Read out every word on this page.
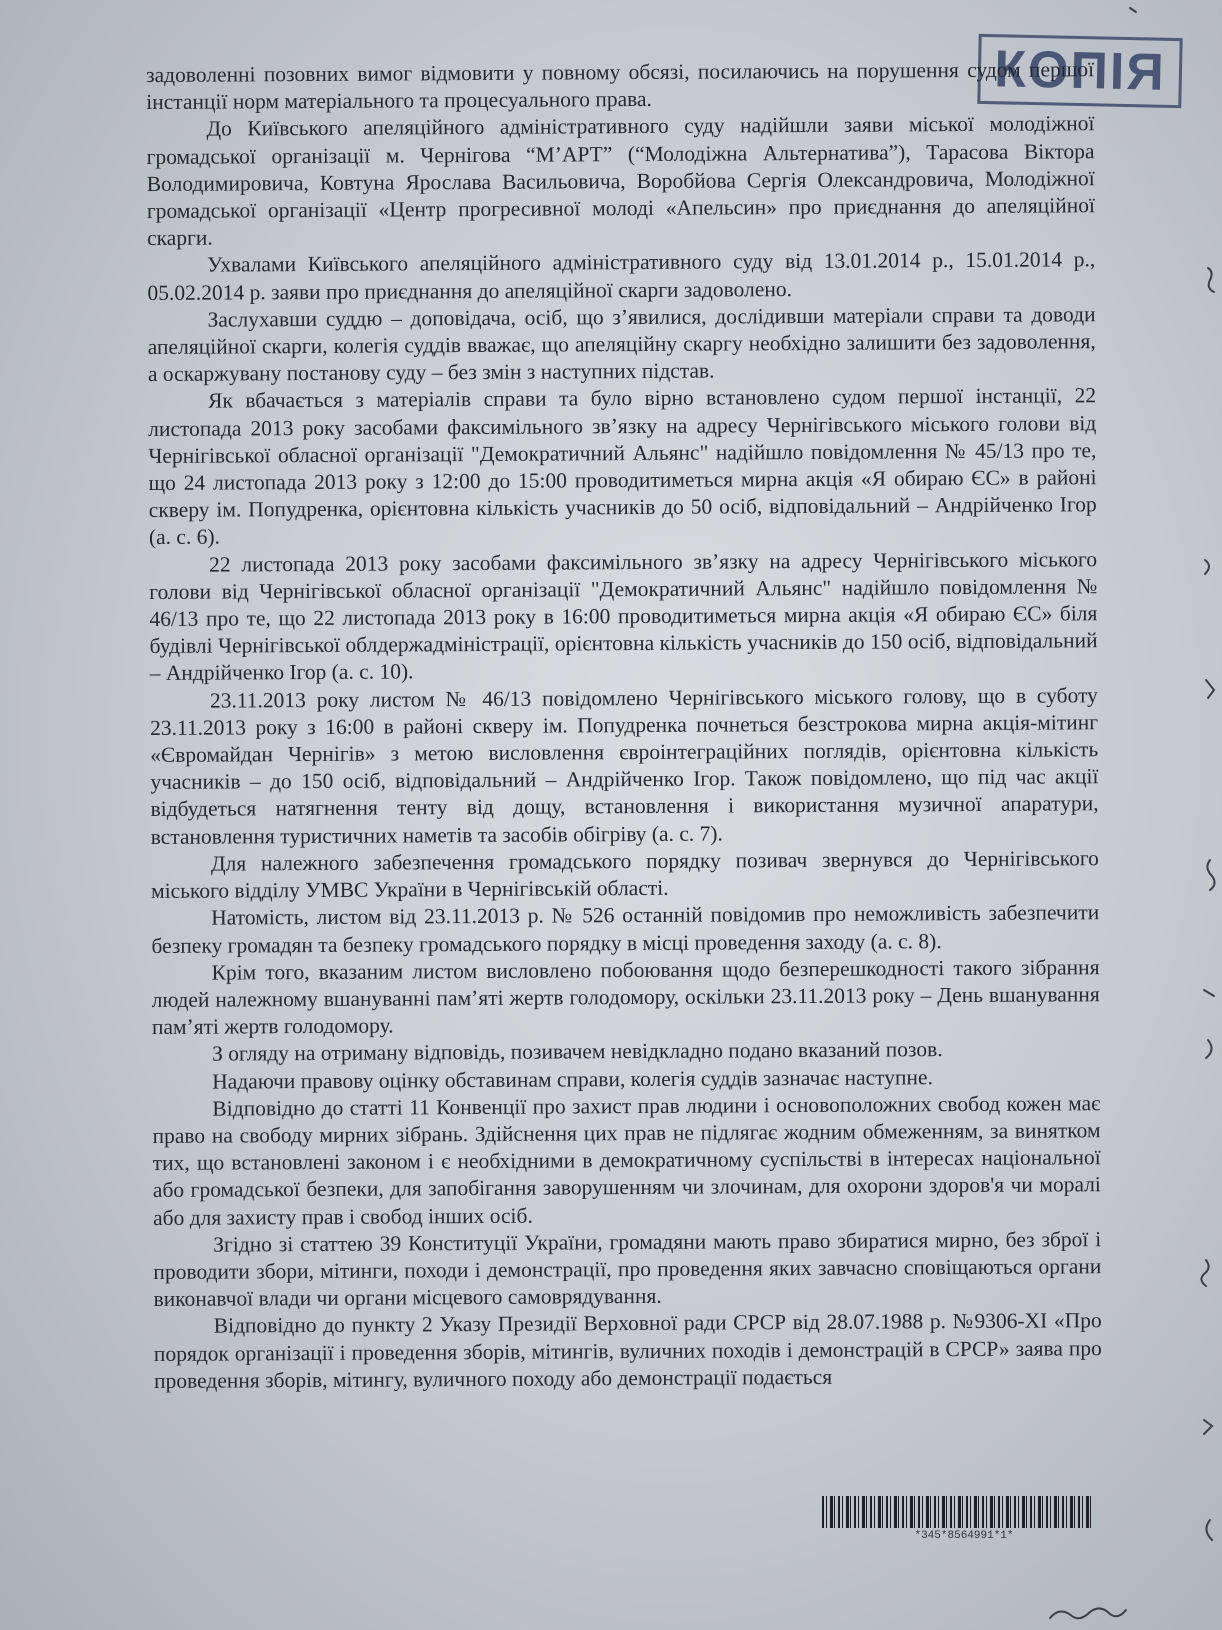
КОПІЯ

задоволенні позовних вимог відмовити у повному обсязі, посилаючись на порушення судом першої інстанції норм матеріального та процесуального права.

До Київського апеляційного адміністративного суду надійшли заяви міської молодіжної громадської організації м. Чернігова “М’АРТ” (“Молодіжна Альтернатива”), Тарасова Віктора Володимировича, Ковтуна Ярослава Васильовича, Воробйова Сергія Олександровича, Молодіжної громадської організації «Центр прогресивної молоді «Апельсин» про приєднання до апеляційної скарги.

Ухвалами Київського апеляційного адміністративного суду від 13.01.2014 р., 15.01.2014 р., 05.02.2014 р. заяви про приєднання до апеляційної скарги задоволено.

Заслухавши суддю – доповідача, осіб, що з’явилися, дослідивши матеріали справи та доводи апеляційної скарги, колегія суддів вважає, що апеляційну скаргу необхідно залишити без задоволення, а оскаржувану постанову суду – без змін з наступних підстав.

Як вбачається з матеріалів справи та було вірно встановлено судом першої інстанції, 22 листопада 2013 року засобами факсимільного зв’язку на адресу Чернігівського міського голови від Чернігівської обласної організації "Демократичний Альянс" надійшло повідомлення № 45/13 про те, що 24 листопада 2013 року з 12:00 до 15:00 проводитиметься мирна акція «Я обираю ЄС» в районі скверу ім. Попудренка, орієнтовна кількість учасників до 50 осіб, відповідальний – Андрійченко Ігор (а. с. 6).

22 листопада 2013 року засобами факсимільного зв’язку на адресу Чернігівського міського голови від Чернігівської обласної організації "Демократичний Альянс" надійшло повідомлення № 46/13 про те, що 22 листопада 2013 року в 16:00 проводитиметься мирна акція «Я обираю ЄС» біля будівлі Чернігівської облдержадміністрації, орієнтовна кількість учасників до 150 осіб, відповідальний – Андрійченко Ігор (а. с. 10).

23.11.2013 року листом № 46/13 повідомлено Чернігівського міського голову, що в суботу 23.11.2013 року з 16:00 в районі скверу ім. Попудренка почнеться безстрокова мирна акція-мітинг «Євромайдан Чернігів» з метою висловлення євроінтеграційних поглядів, орієнтовна кількість учасників – до 150 осіб, відповідальний – Андрійченко Ігор. Також повідомлено, що під час акції відбудеться натягнення тенту від дощу, встановлення і використання музичної апаратури, встановлення туристичних наметів та засобів обігріву (а. с. 7).

Для належного забезпечення громадського порядку позивач звернувся до Чернігівського міського відділу УМВС України в Чернігівській області.

Натомість, листом від 23.11.2013 р. № 526 останній повідомив про неможливість забезпечити безпеку громадян та безпеку громадського порядку в місці проведення заходу (а. с. 8).

Крім того, вказаним листом висловлено побоювання щодо безперешкодності такого зібрання людей належному вшануванні пам’яті жертв голодомору, оскільки 23.11.2013 року – День вшанування пам’яті жертв голодомору.

З огляду на отриману відповідь, позивачем невідкладно подано вказаний позов.

Надаючи правову оцінку обставинам справи, колегія суддів зазначає наступне.

Відповідно до статті 11 Конвенції про захист прав людини і основоположних свобод кожен має право на свободу мирних зібрань. Здійснення цих прав не підлягає жодним обмеженням, за винятком тих, що встановлені законом і є необхідними в демократичному суспільстві в інтересах національної або громадської безпеки, для запобігання заворушенням чи злочинам, для охорони здоров'я чи моралі або для захисту прав і свобод інших осіб.

Згідно зі статтею 39 Конституції України, громадяни мають право збиратися мирно, без зброї і проводити збори, мітинги, походи і демонстрації, про проведення яких завчасно сповіщаються органи виконавчої влади чи органи місцевого самоврядування.

Відповідно до пункту 2 Указу Президії Верховної ради СРСР від 28.07.1988 р. №9306-XI «Про порядок організації і проведення зборів, мітингів, вуличних походів і демонстрацій в СРСР» заява про проведення зборів, мітингу, вуличного походу або демонстрації подається

*345*8564991*1*
